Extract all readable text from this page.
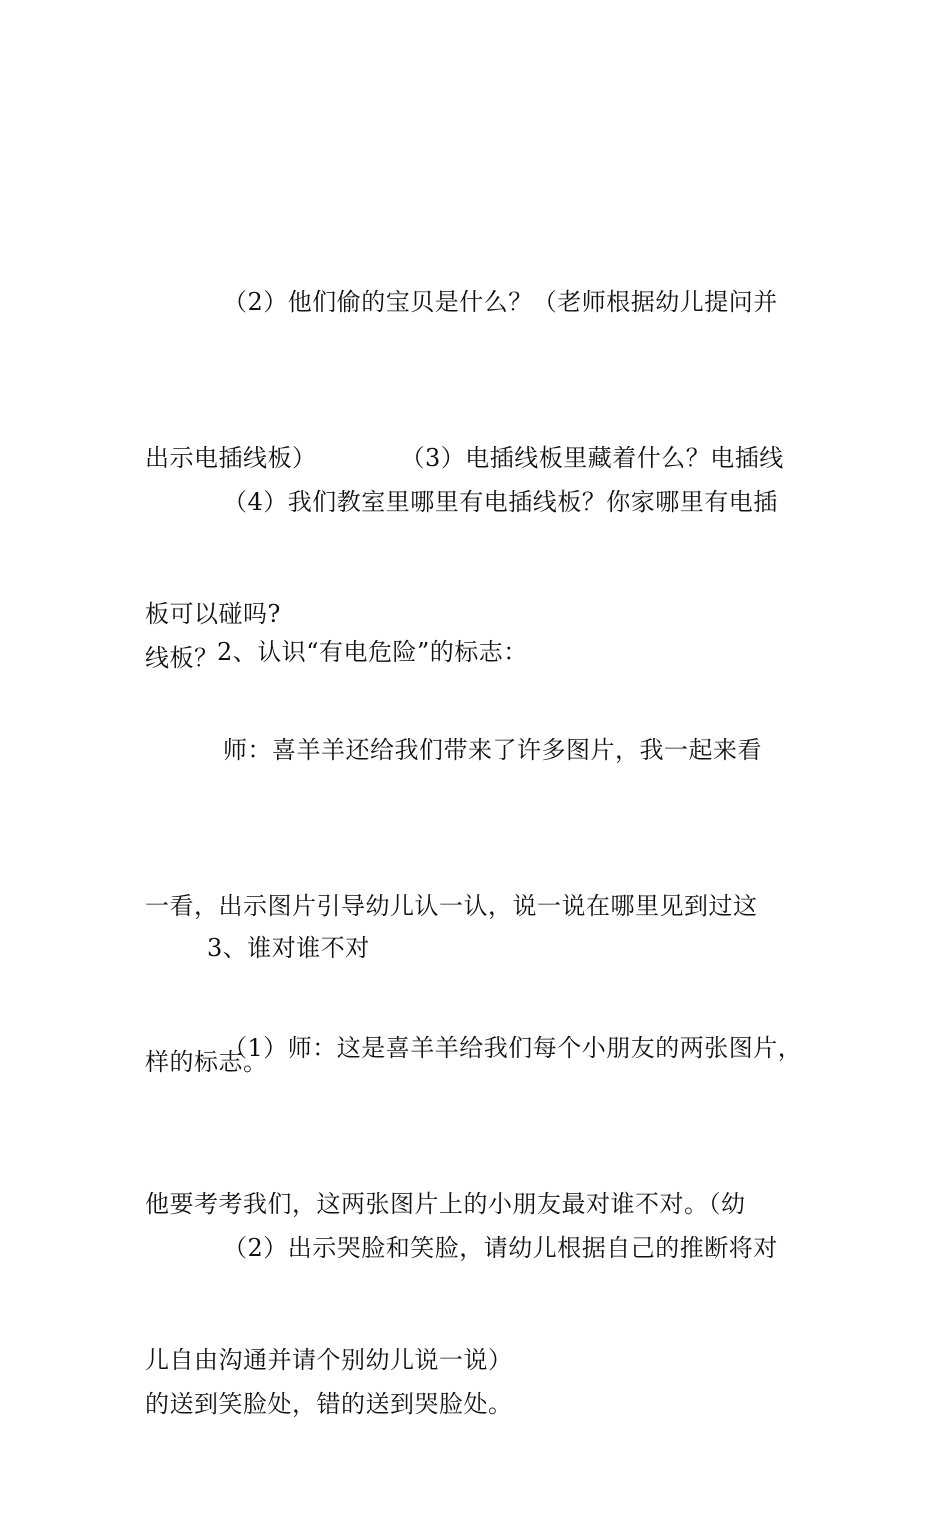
（2）他们偷的宝贝是什么？（老师根据幼儿提问并

出示电插线板）	（3）电插线板里藏着什么？电插线

板可以碰吗?

（4）我们教室里哪里有电插线板？你家哪里有电插

线板？

2、认识“有电危险”的标志：

师：喜羊羊还给我们带来了许多图片，我一起来看

一看，出示图片引导幼儿认一认，说一说在哪里见到过这

样的标志。

3、谁对谁不对

（1）师：这是喜羊羊给我们每个小朋友的两张图片，

他要考考我们，这两张图片上的小朋友最对谁不对。（幼

儿自由沟通并请个别幼儿说一说）

（2）出示哭脸和笑脸，请幼儿根据自己的推断将对

的送到笑脸处，错的送到哭脸处。
